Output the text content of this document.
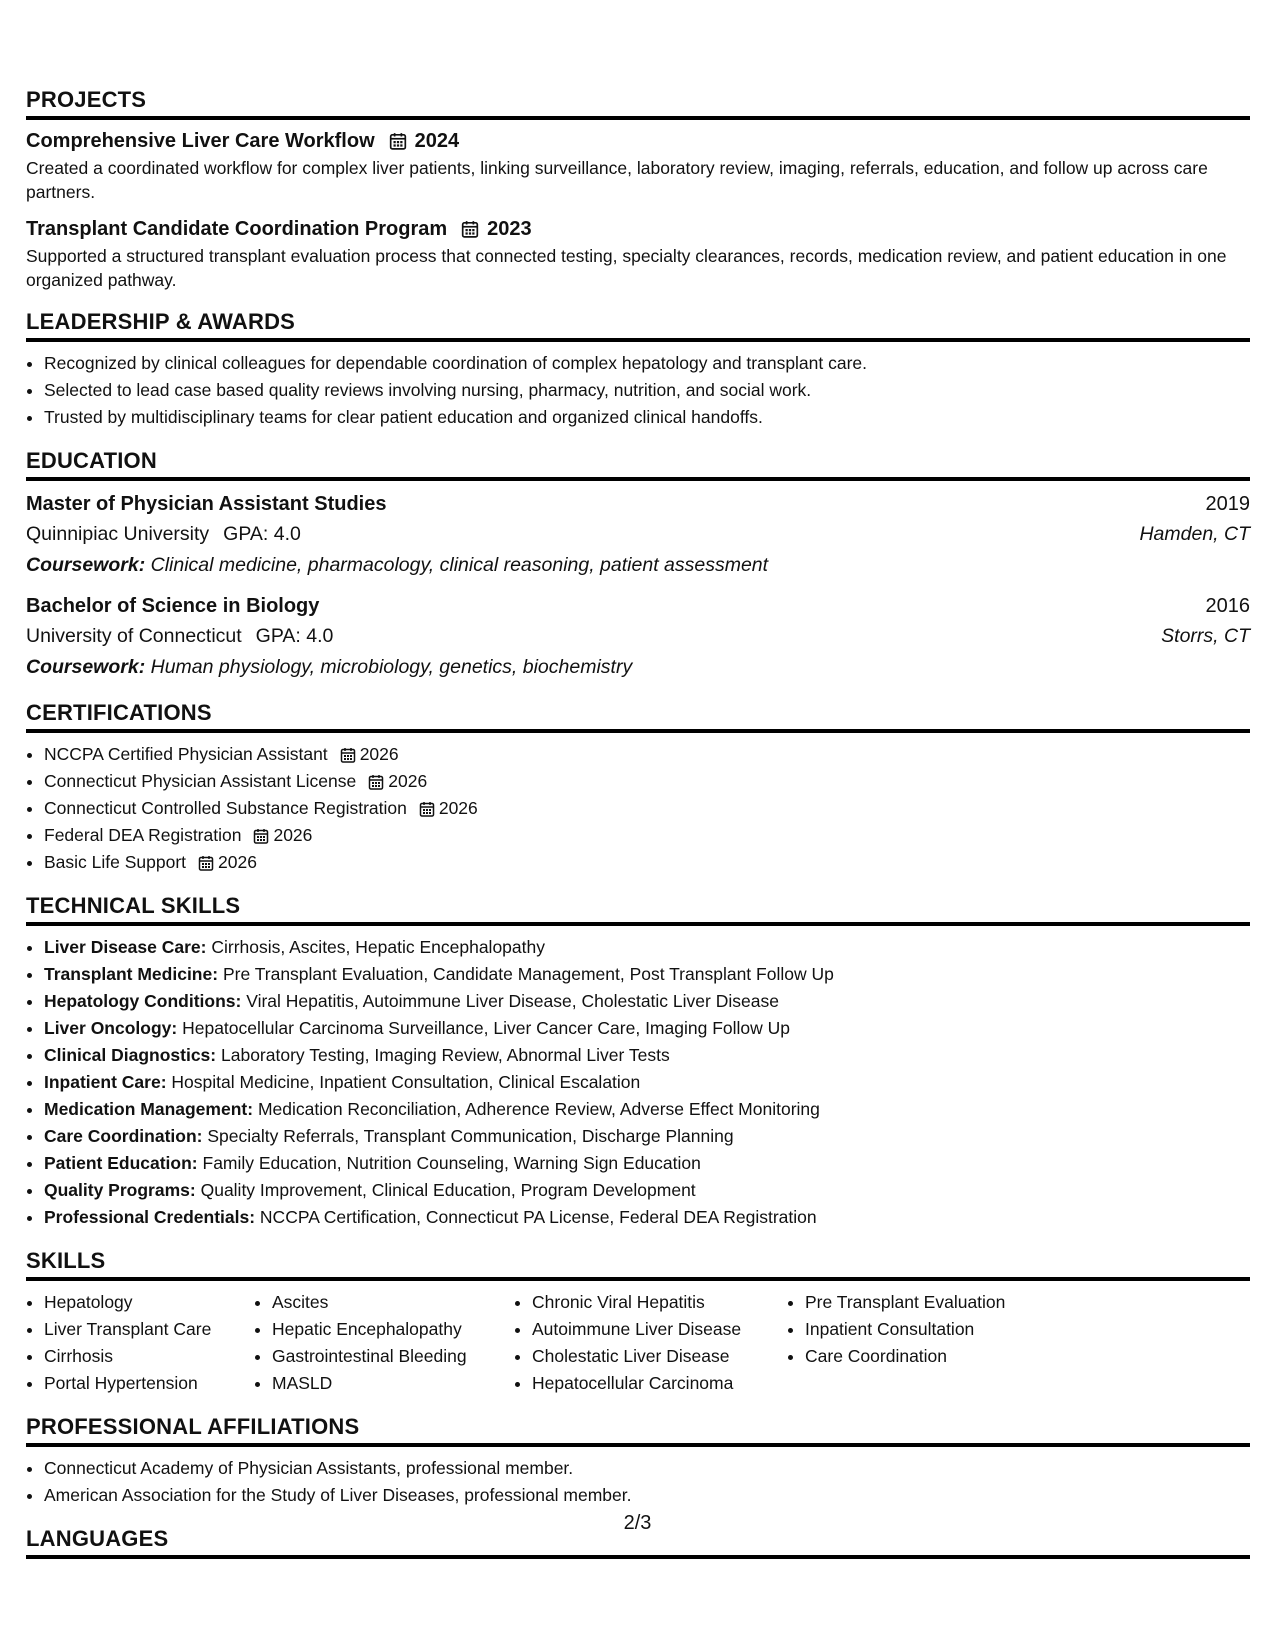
PROJECTS
Comprehensive Liver Care Workflow 2024
Created a coordinated workflow for complex liver patients, linking surveillance, laboratory review, imaging, referrals, education, and follow up across care partners.
Transplant Candidate Coordination Program 2023
Supported a structured transplant evaluation process that connected testing, specialty clearances, records, medication review, and patient education in one organized pathway.
LEADERSHIP & AWARDS
• Recognized by clinical colleagues for dependable coordination of complex hepatology and transplant care.
• Selected to lead case based quality reviews involving nursing, pharmacy, nutrition, and social work.
• Trusted by multidisciplinary teams for clear patient education and organized clinical handoffs.
EDUCATION
Master of Physician Assistant Studies	2019
Quinnipiac University GPA: 4.0	Hamden, CT
Coursework: Clinical medicine, pharmacology, clinical reasoning, patient assessment
Bachelor of Science in Biology	2016
University of Connecticut GPA: 4.0	Storrs, CT
Coursework: Human physiology, microbiology, genetics, biochemistry
CERTIFICATIONS
• NCCPA Certified Physician Assistant 2026
• Connecticut Physician Assistant License 2026
• Connecticut Controlled Substance Registration 2026
• Federal DEA Registration 2026
• Basic Life Support 2026
TECHNICAL SKILLS
• Liver Disease Care: Cirrhosis, Ascites, Hepatic Encephalopathy
• Transplant Medicine: Pre Transplant Evaluation, Candidate Management, Post Transplant Follow Up
• Hepatology Conditions: Viral Hepatitis, Autoimmune Liver Disease, Cholestatic Liver Disease
• Liver Oncology: Hepatocellular Carcinoma Surveillance, Liver Cancer Care, Imaging Follow Up
• Clinical Diagnostics: Laboratory Testing, Imaging Review, Abnormal Liver Tests
• Inpatient Care: Hospital Medicine, Inpatient Consultation, Clinical Escalation
• Medication Management: Medication Reconciliation, Adherence Review, Adverse Effect Monitoring
• Care Coordination: Specialty Referrals, Transplant Communication, Discharge Planning
• Patient Education: Family Education, Nutrition Counseling, Warning Sign Education
• Quality Programs: Quality Improvement, Clinical Education, Program Development
• Professional Credentials: NCCPA Certification, Connecticut PA License, Federal DEA Registration
SKILLS
• Hepatology
• Liver Transplant Care
• Cirrhosis
• Portal Hypertension
• Ascites
• Hepatic Encephalopathy
• Gastrointestinal Bleeding
• MASLD
• Chronic Viral Hepatitis
• Autoimmune Liver Disease
• Cholestatic Liver Disease
• Hepatocellular Carcinoma
• Pre Transplant Evaluation
• Inpatient Consultation
• Care Coordination
PROFESSIONAL AFFILIATIONS
• Connecticut Academy of Physician Assistants, professional member.
• American Association for the Study of Liver Diseases, professional member.
LANGUAGES
2/3
